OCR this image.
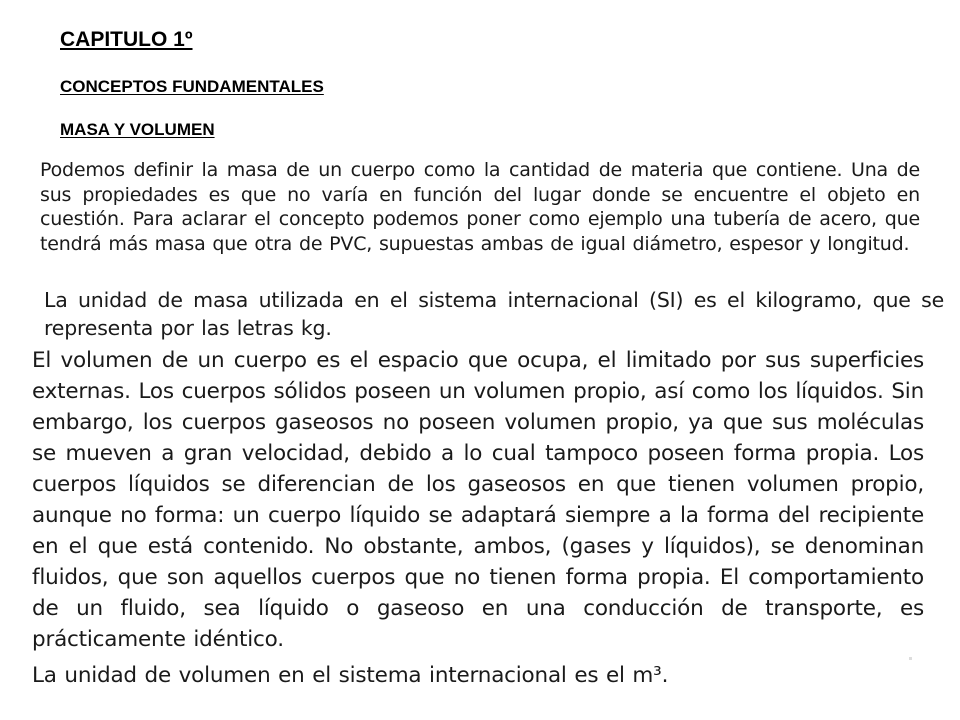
CAPITULO 1º
CONCEPTOS FUNDAMENTALES
MASA Y VOLUMEN

Podemos definir la masa de un cuerpo como la cantidad de materia que contiene. Una de sus propiedades es que no varía en función del lugar donde se encuentre el objeto en cuestión. Para aclarar el concepto podemos poner como ejemplo una tubería de acero, que tendrá más masa que otra de PVC, supuestas ambas de igual diámetro, espesor y longitud.

La unidad de masa utilizada en el sistema internacional (SI) es el kilogramo, que se representa por las letras kg.

El volumen de un cuerpo es el espacio que ocupa, el limitado por sus superficies externas. Los cuerpos sólidos poseen un volumen propio, así como los líquidos. Sin embargo, los cuerpos gaseosos no poseen volumen propio, ya que sus moléculas se mueven a gran velocidad, debido a lo cual tampoco poseen forma propia. Los cuerpos líquidos se diferencian de los gaseosos en que tienen volumen propio, aunque no forma: un cuerpo líquido se adaptará siempre a la forma del recipiente en el que está contenido. No obstante, ambos, (gases y líquidos), se denominan fluidos, que son aquellos cuerpos que no tienen forma propia. El comportamiento de un fluido, sea líquido o gaseoso en una conducción de transporte, es prácticamente idéntico.

La unidad de volumen en el sistema internacional es el m³.
